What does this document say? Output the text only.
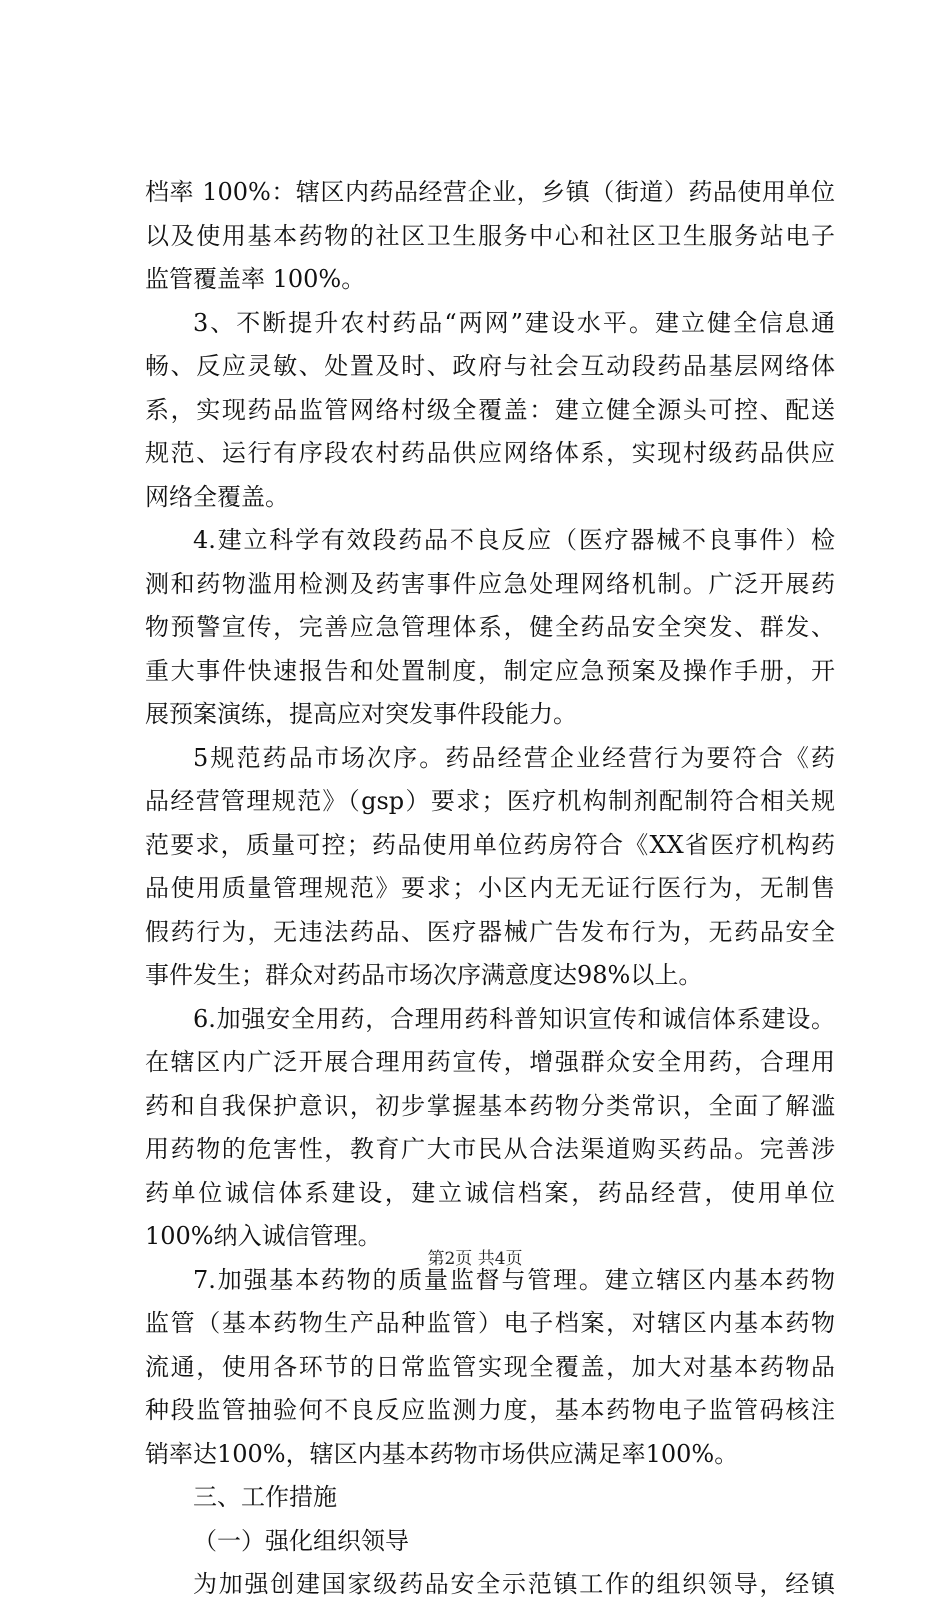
档率 100%：辖区内药品经营企业，乡镇（街道）药品使用单位
以及使用基本药物的社区卫生服务中心和社区卫生服务站电子
监管覆盖率 100%。
3、不断提升农村药品“两网”建设水平。建立健全信息通
畅、反应灵敏、处置及时、政府与社会互动段药品基层网络体
系，实现药品监管网络村级全覆盖：建立健全源头可控、配送
规范、运行有序段农村药品供应网络体系，实现村级药品供应
网络全覆盖。
4.建立科学有效段药品不良反应（医疗器械不良事件）检
测和药物滥用检测及药害事件应急处理网络机制。广泛开展药
物预警宣传，完善应急管理体系，健全药品安全突发、群发、
重大事件快速报告和处置制度，制定应急预案及操作手册，开
展预案演练，提高应对突发事件段能力。
5规范药品市场次序。药品经营企业经营行为要符合《药
品经营管理规范》（gsp）要求；医疗机构制剂配制符合相关规
范要求，质量可控；药品使用单位药房符合《XX省医疗机构药
品使用质量管理规范》要求；小区内无无证行医行为，无制售
假药行为，无违法药品、医疗器械广告发布行为，无药品安全
事件发生；群众对药品市场次序满意度达98%以上。
6.加强安全用药，合理用药科普知识宣传和诚信体系建设。
在辖区内广泛开展合理用药宣传，增强群众安全用药，合理用
药和自我保护意识，初步掌握基本药物分类常识，全面了解滥
用药物的危害性，教育广大市民从合法渠道购买药品。完善涉
药单位诚信体系建设，建立诚信档案，药品经营，使用单位
100%纳入诚信管理。
7.加强基本药物的质量监督与管理。建立辖区内基本药物
监管（基本药物生产品种监管）电子档案，对辖区内基本药物
流通，使用各环节的日常监管实现全覆盖，加大对基本药物品
种段监管抽验何不良反应监测力度，基本药物电子监管码核注
销率达100%，辖区内基本药物市场供应满足率100%。
三、工作措施
（一）强化组织领导
为加强创建国家级药品安全示范镇工作的组织领导，经镇
第2页 共4页
